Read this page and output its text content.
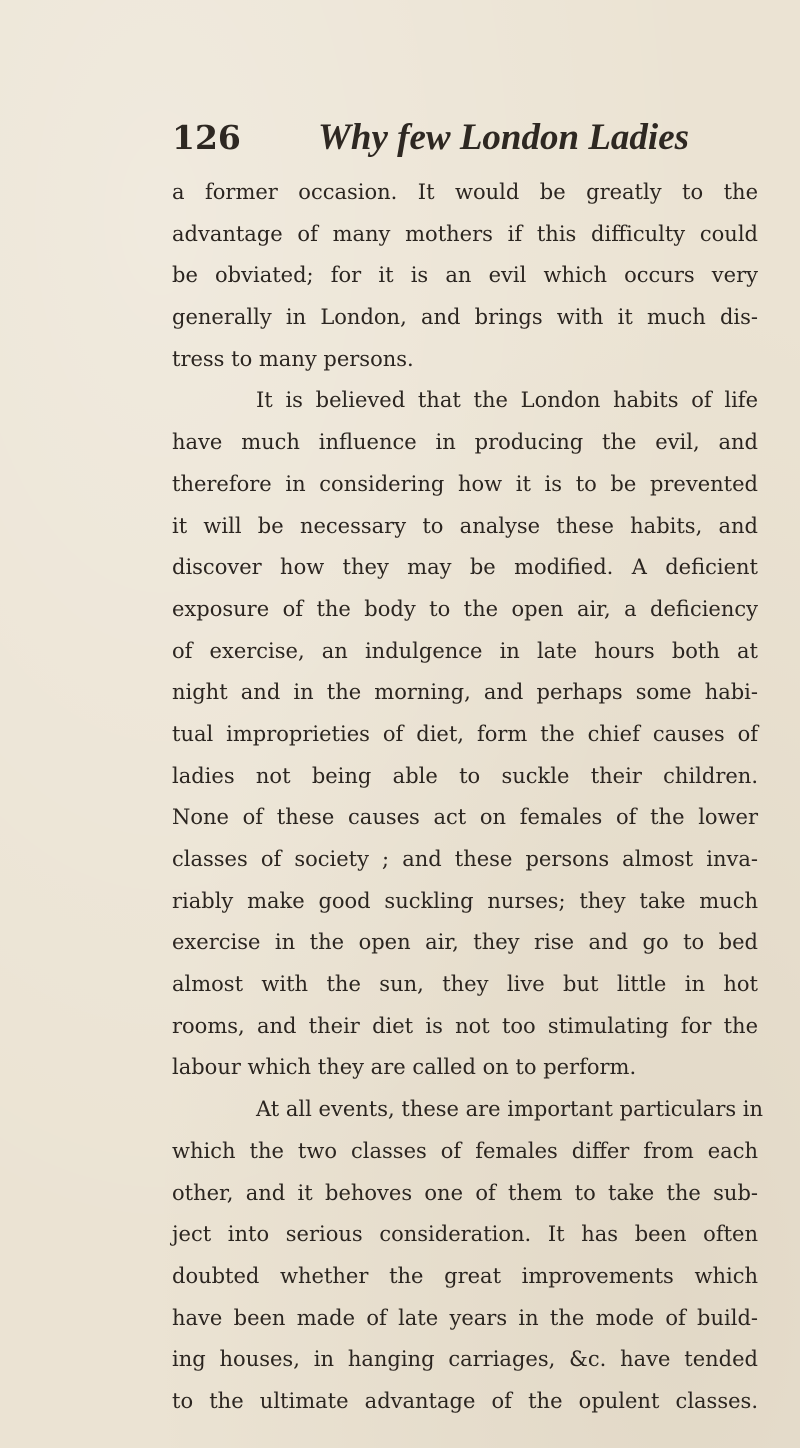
126 Why few London Ladies
a former occasion. It would be greatly to the
advantage of many mothers if this difficulty could
be obviated; for it is an evil which occurs very
generally in London, and brings with it much dis-
tress to many persons.
It is believed that the London habits of life
have much influence in producing the evil, and
therefore in considering how it is to be prevented
it will be necessary to analyse these habits, and
discover how they may be modified. A deficient
exposure of the body to the open air, a deficiency
of exercise, an indulgence in late hours both at
night and in the morning, and perhaps some habi-
tual improprieties of diet, form the chief causes of
ladies not being able to suckle their children.
None of these causes act on females of the lower
classes of society ; and these persons almost inva-
riably make good suckling nurses; they take much
exercise in the open air, they rise and go to bed
almost with the sun, they live but little in hot
rooms, and their diet is not too stimulating for the
labour which they are called on to perform.
At all events, these are important particulars in
which the two classes of females differ from each
other, and it behoves one of them to take the sub-
ject into serious consideration. It has been often
doubted whether the great improvements which
have been made of late years in the mode of build-
ing houses, in hanging carriages, &c. have tended
to the ultimate advantage of the opulent classes.
